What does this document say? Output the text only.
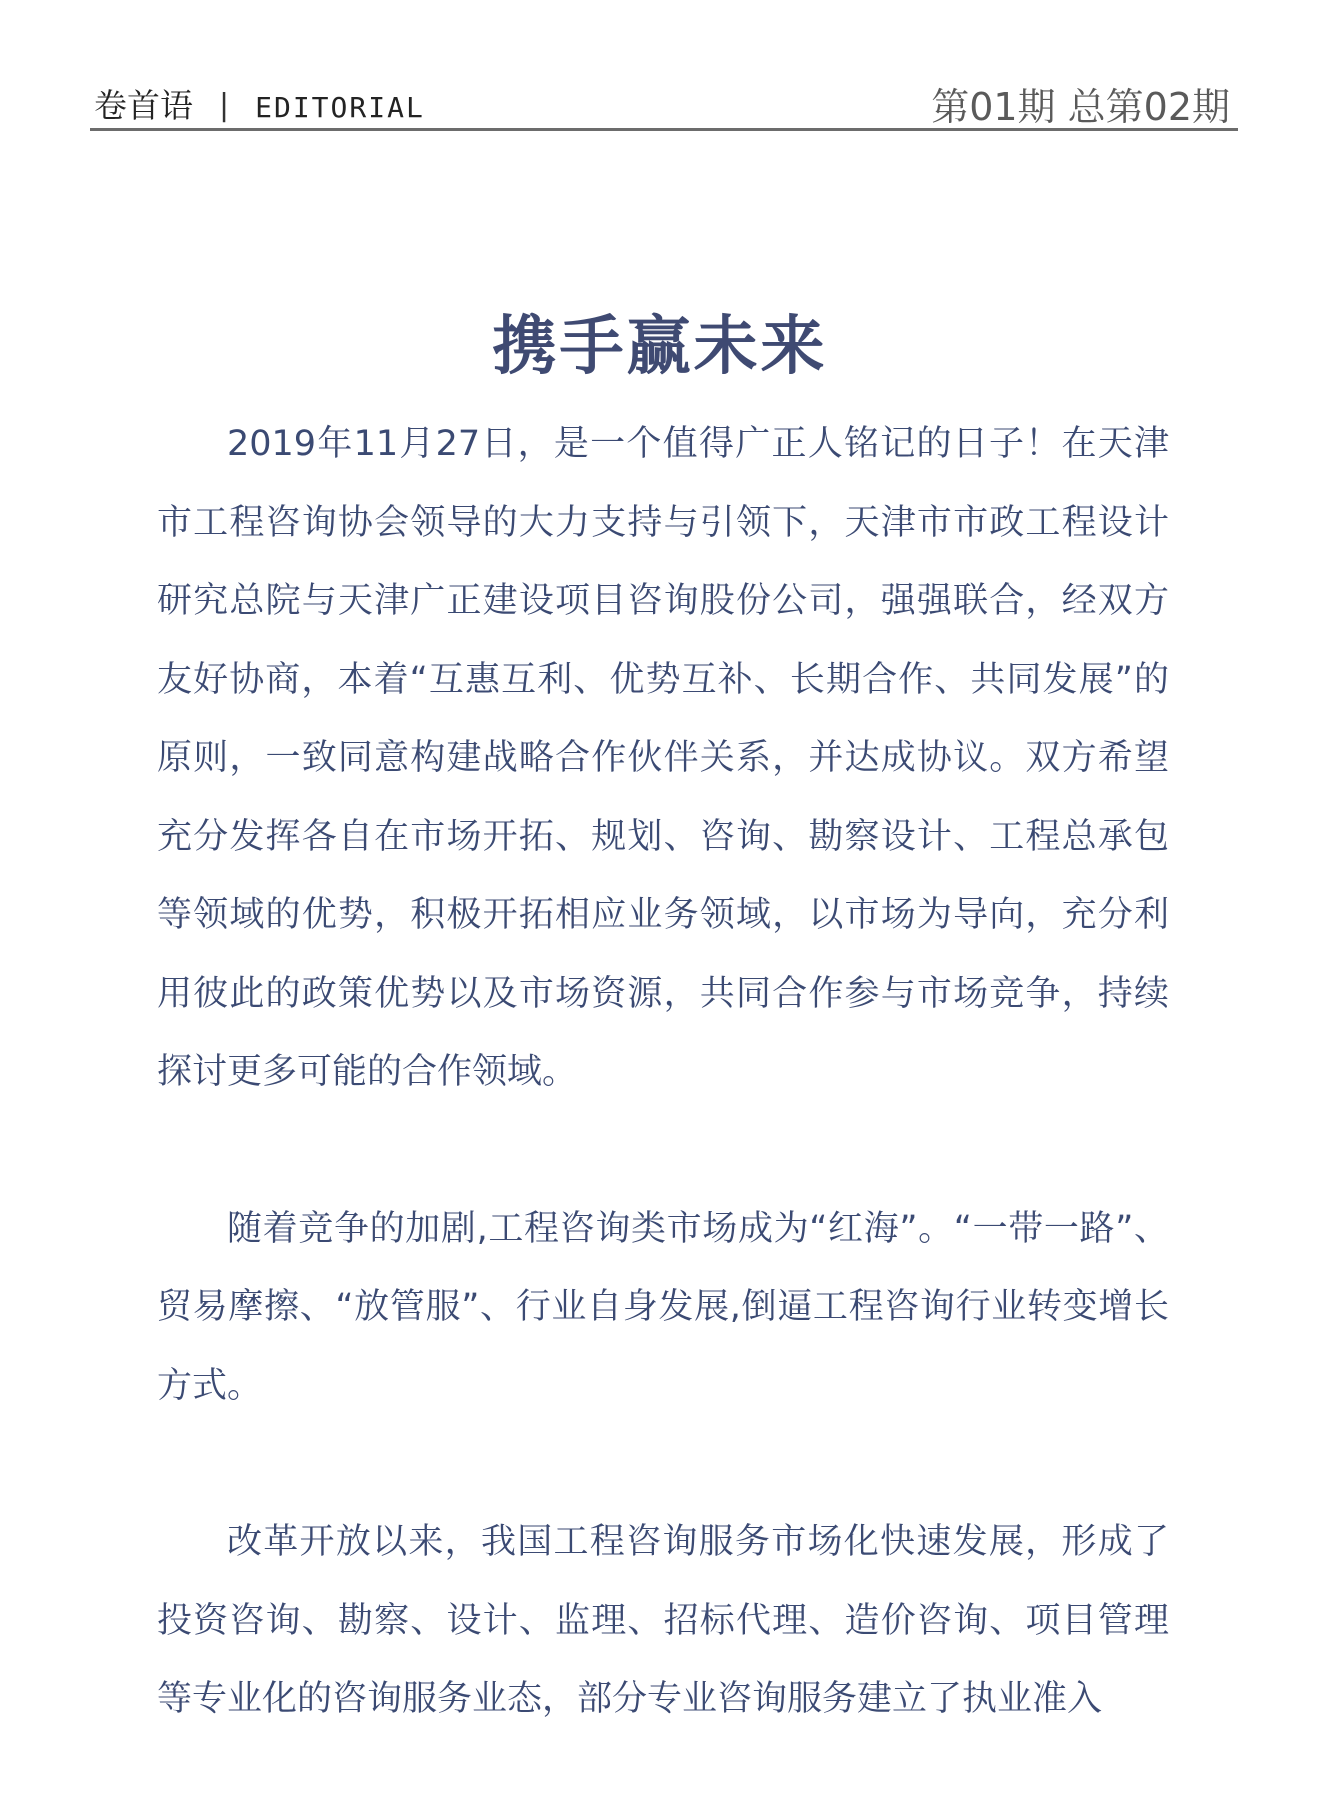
卷首语 | EDITORIAL	第01期 总第02期
携手赢未来

2019年11月27日，是一个值得广正人铭记的日子！在天津市工程咨询协会领导的大力支持与引领下，天津市市政工程设计研究总院与天津广正建设项目咨询股份公司，强强联合，经双方友好协商，本着“互惠互利、优势互补、长期合作、共同发展”的原则，一致同意构建战略合作伙伴关系，并达成协议。双方希望充分发挥各自在市场开拓、规划、咨询、勘察设计、工程总承包等领域的优势，积极开拓相应业务领域，以市场为导向，充分利用彼此的政策优势以及市场资源，共同合作参与市场竞争，持续探讨更多可能的合作领域。

随着竞争的加剧,工程咨询类市场成为“红海”。“一带一路”、贸易摩擦、“放管服”、行业自身发展,倒逼工程咨询行业转变增长方式。

改革开放以来，我国工程咨询服务市场化快速发展，形成了投资咨询、勘察、设计、监理、招标代理、造价咨询、项目管理等专业化的咨询服务业态，部分专业咨询服务建立了执业准入
